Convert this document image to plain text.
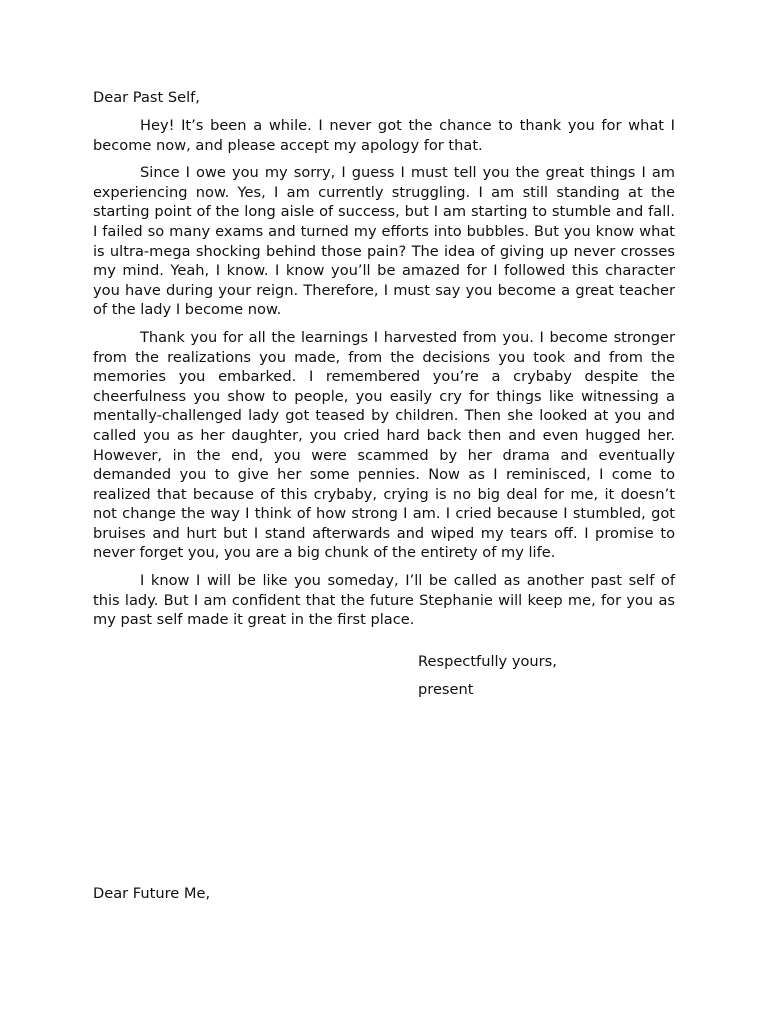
Dear Past Self,

Hey! It’s been a while. I never got the chance to thank you for what I become now, and please accept my apology for that.

Since I owe you my sorry, I guess I must tell you the great things I am experiencing now. Yes, I am currently struggling. I am still standing at the starting point of the long aisle of success, but I am starting to stumble and fall. I failed so many exams and turned my efforts into bubbles. But you know what is ultra-mega shocking behind those pain? The idea of giving up never crosses my mind. Yeah, I know. I know you’ll be amazed for I followed this character you have during your reign. Therefore, I must say you become a great teacher of the lady I become now.

Thank you for all the learnings I harvested from you. I become stronger from the realizations you made, from the decisions you took and from the memories you embarked. I remembered you’re a crybaby despite the cheerfulness you show to people, you easily cry for things like witnessing a mentally-challenged lady got teased by children. Then she looked at you and called you as her daughter, you cried hard back then and even hugged her. However, in the end, you were scammed by her drama and eventually demanded you to give her some pennies. Now as I reminisced, I come to realized that because of this crybaby, crying is no big deal for me, it doesn’t not change the way I think of how strong I am. I cried because I stumbled, got bruises and hurt but I stand afterwards and wiped my tears off. I promise to never forget you, you are a big chunk of the entirety of my life.

I know I will be like you someday, I’ll be called as another past self of this lady. But I am confident that the future Stephanie will keep me, for you as my past self made it great in the first place.

Respectfully yours,

present

Dear Future Me,
